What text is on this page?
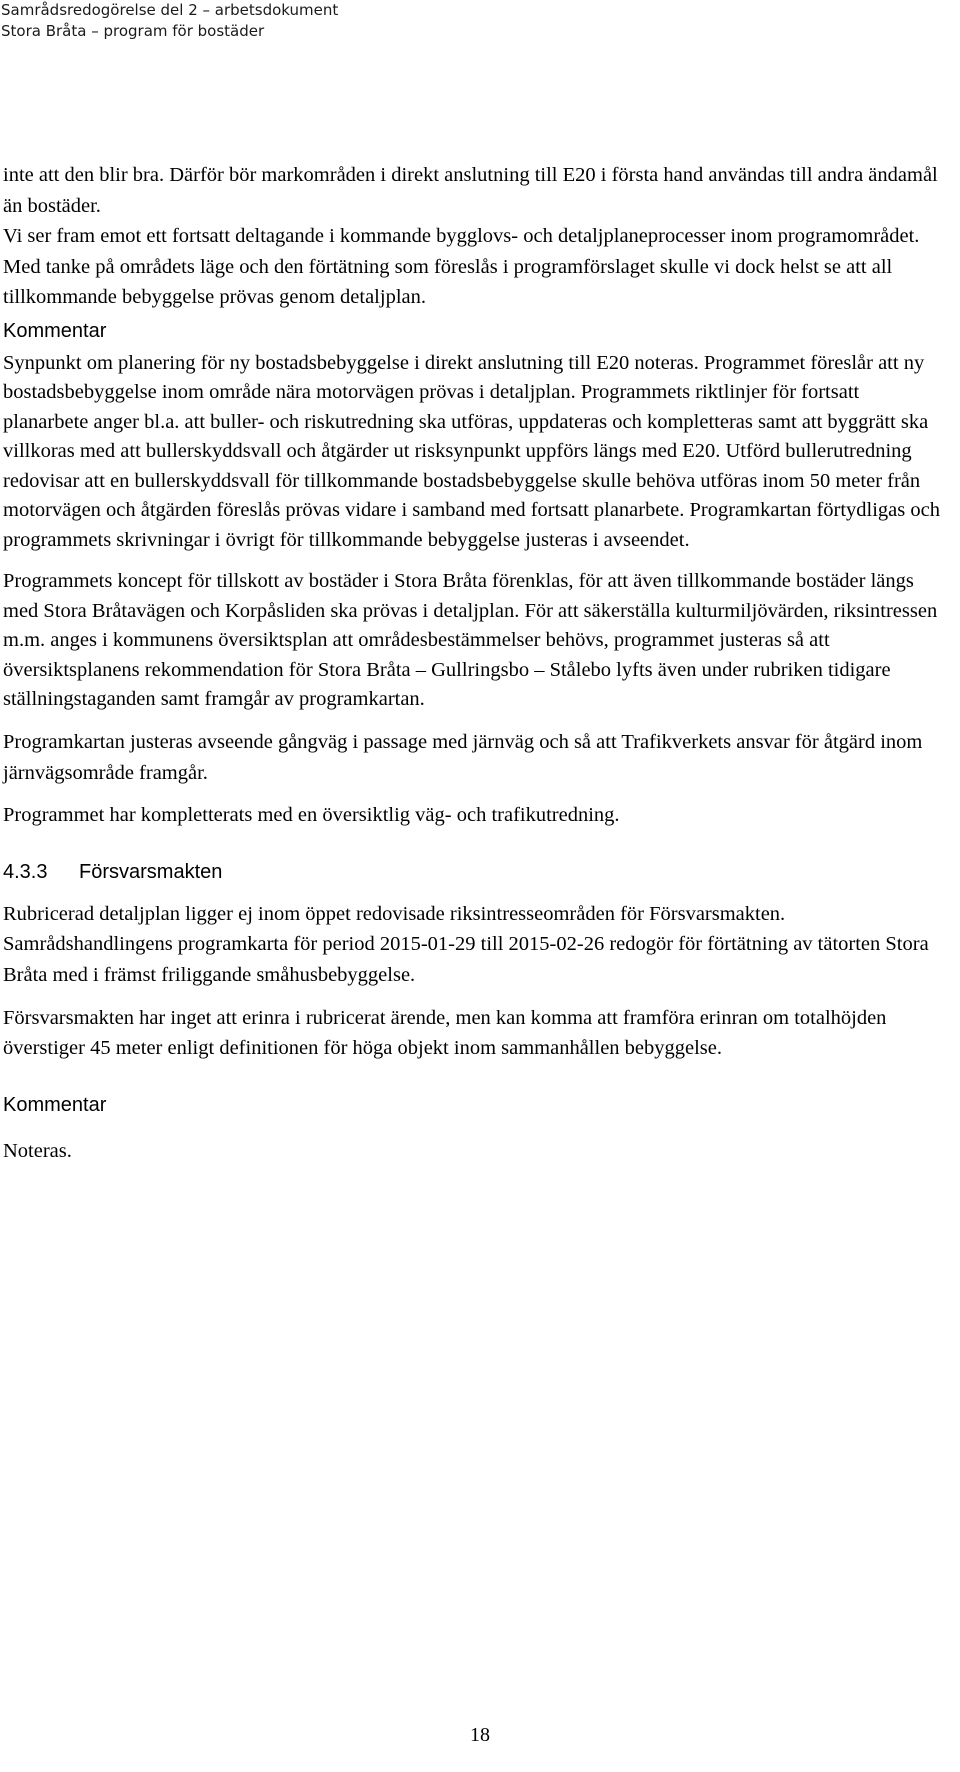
Samrådsredogörelse del 2 – arbetsdokument
Stora Bråta – program för bostäder

inte att den blir bra. Därför bör markområden i direkt anslutning till E20 i första hand användas till andra ändamål än bostäder.

Vi ser fram emot ett fortsatt deltagande i kommande bygglovs- och detaljplaneprocesser inom programområdet. Med tanke på områdets läge och den förtätning som föreslås i programförslaget skulle vi dock helst se att all tillkommande bebyggelse prövas genom detaljplan.

Kommentar

Synpunkt om planering för ny bostadsbebyggelse i direkt anslutning till E20 noteras. Programmet föreslår att ny bostadsbebyggelse inom område nära motorvägen prövas i detaljplan. Programmets riktlinjer för fortsatt planarbete anger bl.a. att buller- och riskutredning ska utföras, uppdateras och kompletteras samt att byggrätt ska villkoras med att bullerskyddsvall och åtgärder ut risksynpunkt uppförs längs med E20. Utförd bullerutredning redovisar att en bullerskyddsvall för tillkommande bostadsbebyggelse skulle behöva utföras inom 50 meter från motorvägen och åtgärden föreslås prövas vidare i samband med fortsatt planarbete. Programkartan förtydligas och programmets skrivningar i övrigt för tillkommande bebyggelse justeras i avseendet.

Programmets koncept för tillskott av bostäder i Stora Bråta förenklas, för att även tillkommande bostäder längs med Stora Bråtavägen och Korpåsliden ska prövas i detaljplan. För att säkerställa kulturmiljövärden, riksintressen m.m. anges i kommunens översiktsplan att områdesbestämmelser behövs, programmet justeras så att översiktsplanens rekommendation för Stora Bråta – Gullringsbo – Stålebo lyfts även under rubriken tidigare ställningstaganden samt framgår av programkartan.

Programkartan justeras avseende gångväg i passage med järnväg och så att Trafikverkets ansvar för åtgärd inom järnvägsområde framgår.

Programmet har kompletterats med en översiktlig väg- och trafikutredning.

4.3.3 Försvarsmakten

Rubricerad detaljplan ligger ej inom öppet redovisade riksintresseområden för Försvarsmakten. Samrådshandlingens programkarta för period 2015-01-29 till 2015-02-26 redogör för förtätning av tätorten Stora Bråta med i främst friliggande småhusbebyggelse.

Försvarsmakten har inget att erinra i rubricerat ärende, men kan komma att framföra erinran om totalhöjden överstiger 45 meter enligt definitionen för höga objekt inom sammanhållen bebyggelse.

Kommentar

Noteras.

18
